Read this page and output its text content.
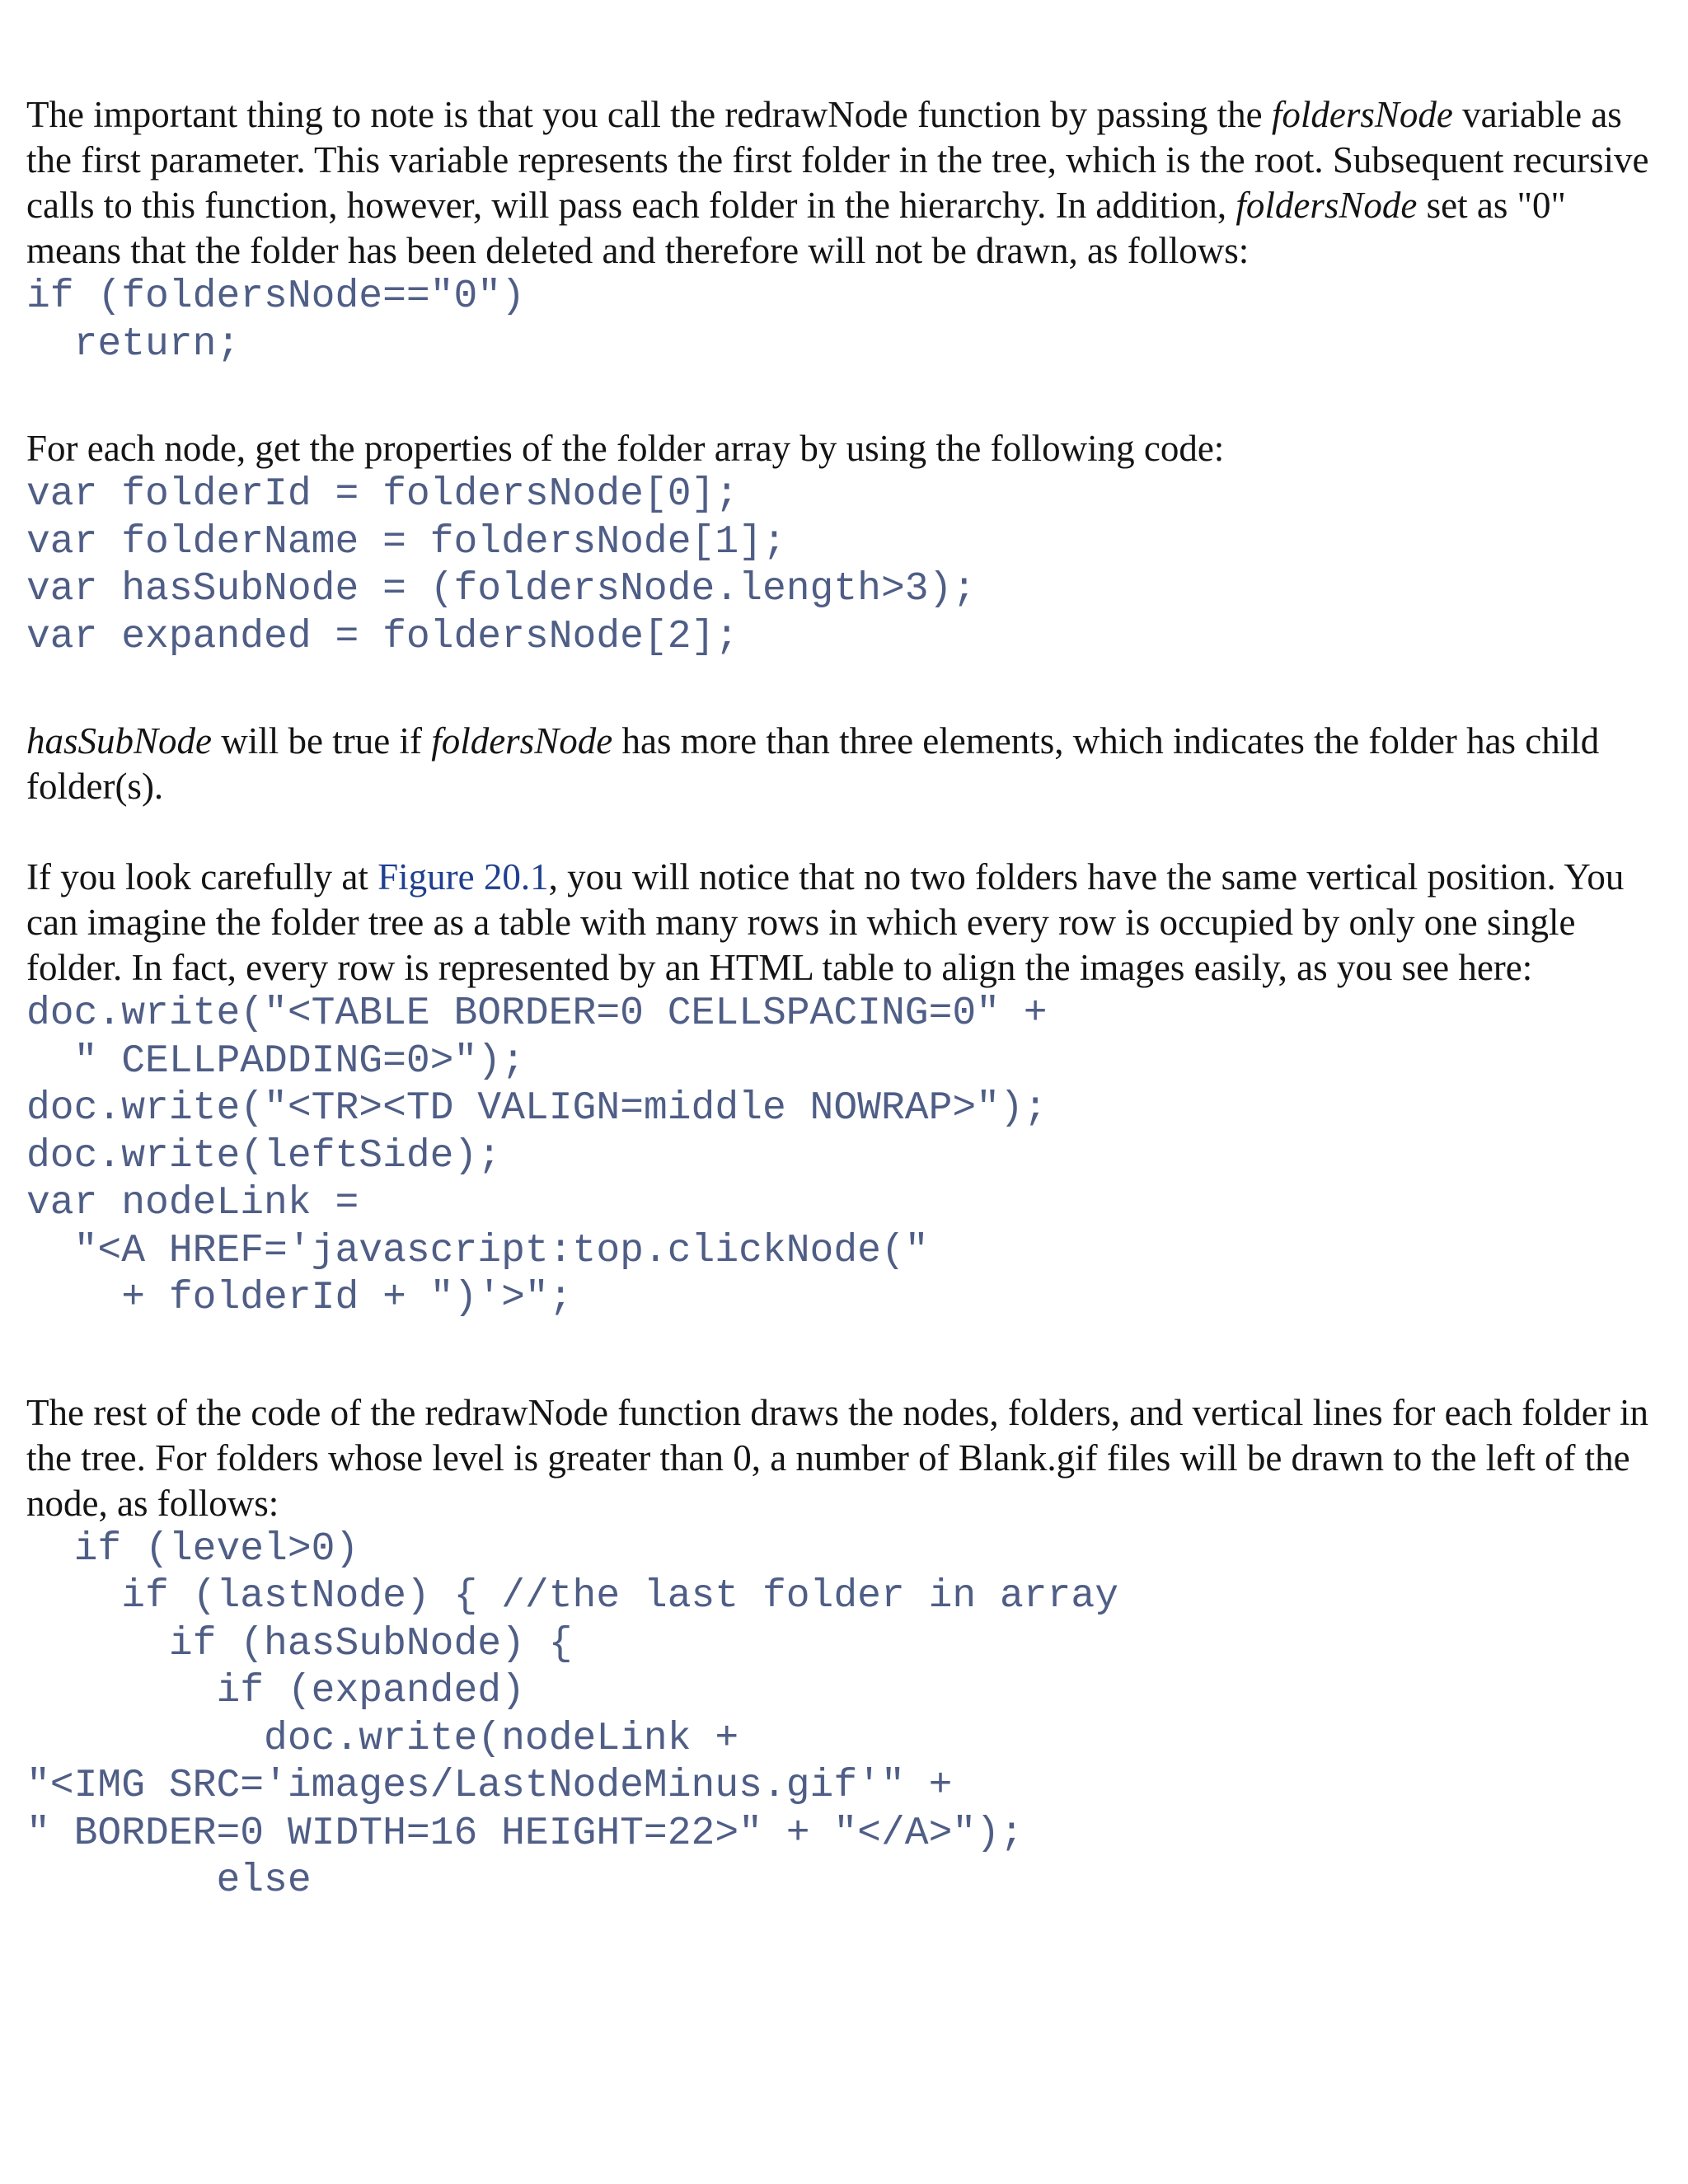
The important thing to note is that you call the redrawNode function by passing the foldersNode variable as the first parameter. This variable represents the first folder in the tree, which is the root. Subsequent recursive calls to this function, however, will pass each folder in the hierarchy. In addition, foldersNode set as "0" means that the folder has been deleted and therefore will not be drawn, as follows:

if (foldersNode=="0")
return;

For each node, get the properties of the folder array by using the following code:

var folderId = foldersNode[0];
var folderName = foldersNode[1];
var hasSubNode = (foldersNode.length>3);
var expanded = foldersNode[2];

hasSubNode will be true if foldersNode has more than three elements, which indicates the folder has child folder(s).

If you look carefully at Figure 20.1, you will notice that no two folders have the same vertical position. You can imagine the folder tree as a table with many rows in which every row is occupied by only one single folder. In fact, every row is represented by an HTML table to align the images easily, as you see here:

doc.write("<TABLE BORDER=0 CELLSPACING=0" +
" CELLPADDING=0>");
doc.write("<TR><TD VALIGN=middle NOWRAP>");
doc.write(leftSide);
var nodeLink =
"<A HREF='javascript:top.clickNode("
+ folderId + ")'>";

The rest of the code of the redrawNode function draws the nodes, folders, and vertical lines for each folder in the tree. For folders whose level is greater than 0, a number of Blank.gif files will be drawn to the left of the node, as follows:

if (level>0)
if (lastNode) { //the last folder in array
if (hasSubNode) {
if (expanded)
doc.write(nodeLink +
"<IMG SRC='images/LastNodeMinus.gif'" +
" BORDER=0 WIDTH=16 HEIGHT=22>" + "</A>");
else
